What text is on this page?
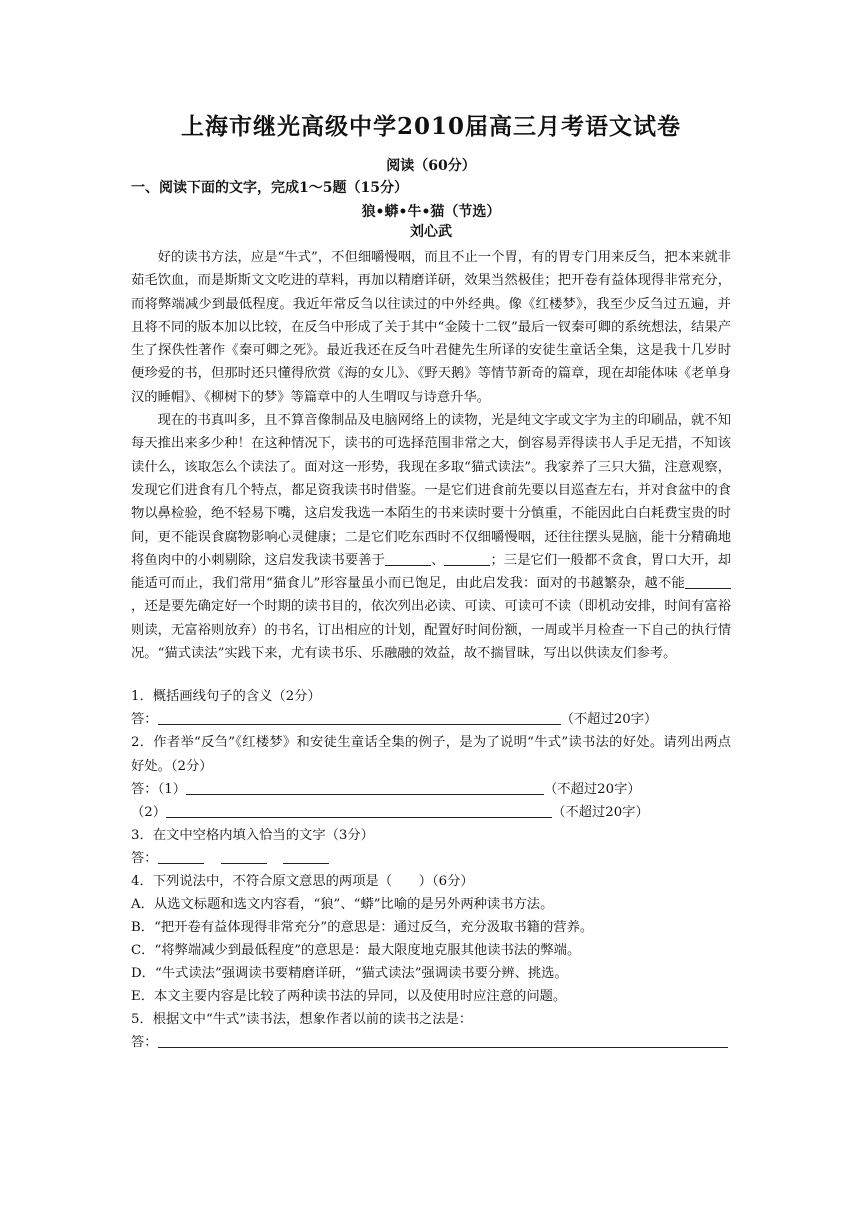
上海市继光高级中学2010届高三月考语文试卷
阅读（60分）
一、阅读下面的文字，完成1～5题（15分）
狼•蟒•牛•猫（节选）
刘心武

好的读书方法，应是“牛式”，不但细嚼慢咽，而且不止一个胃，有的胃专门用来反刍，把本来就非茹毛饮血，而是斯斯文文吃进的草料，再加以精磨详研，效果当然极佳；把开卷有益体现得非常充分，而将弊端减少到最低程度。我近年常反刍以往读过的中外经典。像《红楼梦》，我至少反刍过五遍，并且将不同的版本加以比较，在反刍中形成了关于其中“金陵十二钗”最后一钗秦可卿的系统想法，结果产生了探佚性著作《秦可卿之死》。最近我还在反刍叶君健先生所译的安徒生童话全集，这是我十几岁时便珍爱的书，但那时还只懂得欣赏《海的女儿》、《野天鹅》等情节新奇的篇章，现在却能体味《老单身汉的睡帽》、《柳树下的梦》等篇章中的人生喟叹与诗意升华。

现在的书真叫多，且不算音像制品及电脑网络上的读物，光是纯文字或文字为主的印刷品，就不知每天推出来多少种！在这种情况下，读书的可选择范围非常之大，倒容易弄得读书人手足无措，不知该读什么，该取怎么个读法了。面对这一形势，我现在多取“猫式读法”。我家养了三只大猫，注意观察，发现它们进食有几个特点，都足资我读书时借鉴。一是它们进食前先要以目巡查左右，并对食盆中的食物以鼻检验，绝不轻易下嘴，这启发我选一本陌生的书来读时要十分慎重，不能因此白白耗费宝贵的时间，更不能误食腐物影响心灵健康；二是它们吃东西时不仅细嚼慢咽，还往往摆头晃脑，能十分精确地将鱼肉中的小刺剔除，这启发我读书要善于	、	；三是它们一般都不贪食，胃口大开，却能适可而止，我们常用“猫食儿”形容量虽小而已饱足，由此启发我：面对的书越繁杂，越不能，还是要先确定好一个时期的读书目的，依次列出必读、可读、可读可不读（即机动安排，时间有富裕则读，无富裕则放弃）的书名，订出相应的计划，配置好时间份额，一周或半月检查一下自己的执行情况。“猫式读法”实践下来，尤有读书乐、乐融融的效益，故不揣冒昧，写出以供读友们参考。

1．概括画线句子的含义（2分）
答：	（不超过20字）
2．作者举“反刍”《红楼梦》和安徒生童话全集的例子，是为了说明“牛式”读书法的好处。请列出两点好处。（2分）
答：（1）	（不超过20字）
（2）	（不超过20字）
3．在文中空格内填入恰当的文字（3分）
答：
4．下列说法中，不符合原文意思的两项是（　　）（6分）
A．从选文标题和选文内容看，“狼”、“蟒”比喻的是另外两种读书方法。
B．“把开卷有益体现得非常充分”的意思是：通过反刍，充分汲取书籍的营养。
C．“将弊端减少到最低程度”的意思是：最大限度地克服其他读书法的弊端。
D．“牛式读法”强调读书要精磨详研，“猫式读法”强调读书要分辨、挑选。
E．本文主要内容是比较了两种读书法的异同，以及使用时应注意的问题。
5．根据文中“牛式”读书法，想象作者以前的读书之法是：
答：
